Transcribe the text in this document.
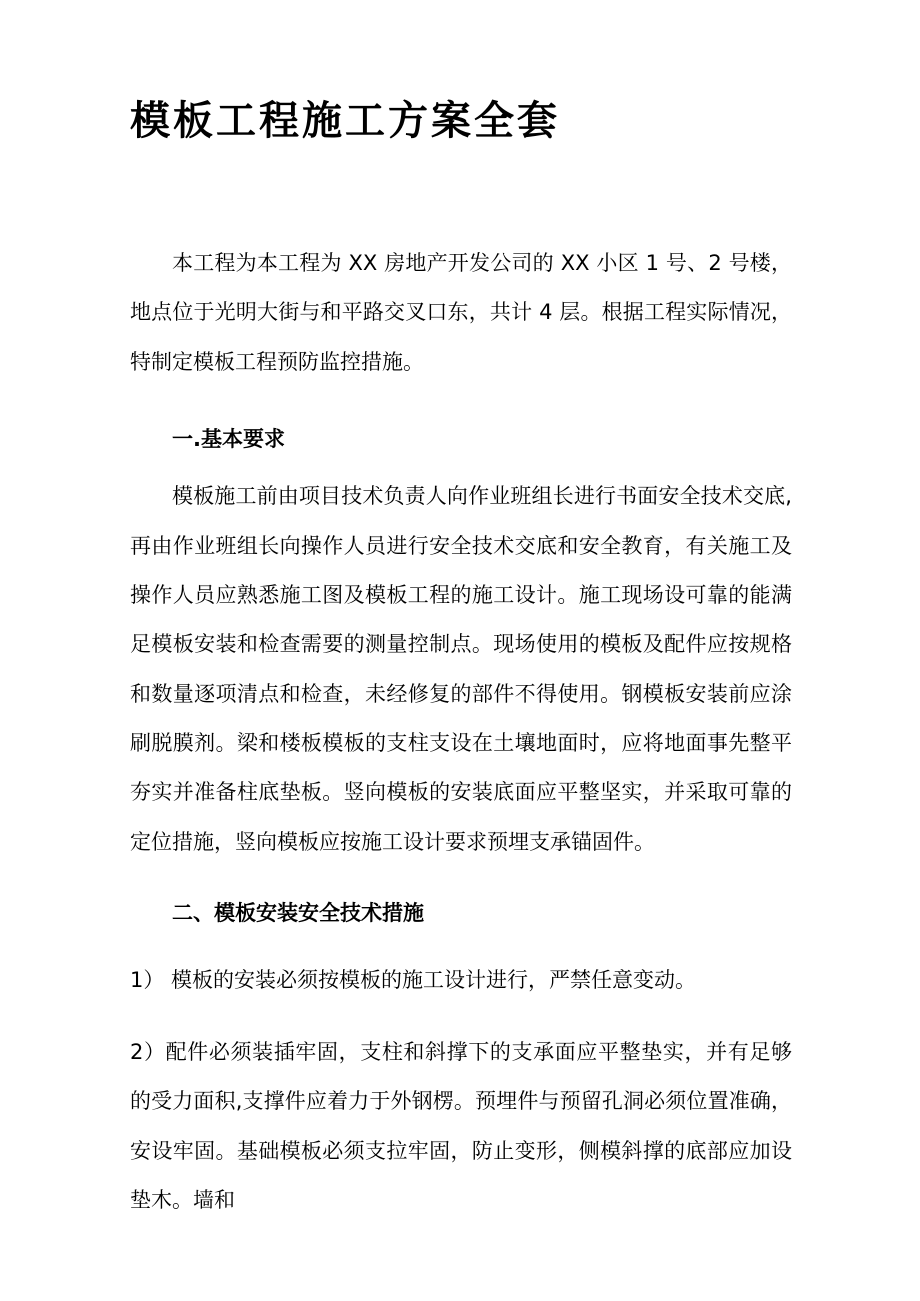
模板工程施工方案全套

本工程为本工程为 XX 房地产开发公司的 XX 小区 1 号、2 号楼，地点位于光明大街与和平路交叉口东，共计 4 层。根据工程实际情况，特制定模板工程预防监控措施。

一.基本要求

模板施工前由项目技术负责人向作业班组长进行书面安全技术交底,再由作业班组长向操作人员进行安全技术交底和安全教育，有关施工及操作人员应熟悉施工图及模板工程的施工设计。施工现场设可靠的能满足模板安装和检查需要的测量控制点。现场使用的模板及配件应按规格和数量逐项清点和检查，未经修复的部件不得使用。钢模板安装前应涂刷脱膜剂。梁和楼板模板的支柱支设在土壤地面时，应将地面事先整平夯实并准备柱底垫板。竖向模板的安装底面应平整坚实，并采取可靠的定位措施，竖向模板应按施工设计要求预埋支承锚固件。

二、模板安装安全技术措施

1） 模板的安装必须按模板的施工设计进行，严禁任意变动。

2）配件必须装插牢固，支柱和斜撑下的支承面应平整垫实，并有足够的受力面积,支撑件应着力于外钢楞。预埋件与预留孔洞必须位置准确，安设牢固。基础模板必须支拉牢固，防止变形，侧模斜撑的底部应加设垫木。墙和
